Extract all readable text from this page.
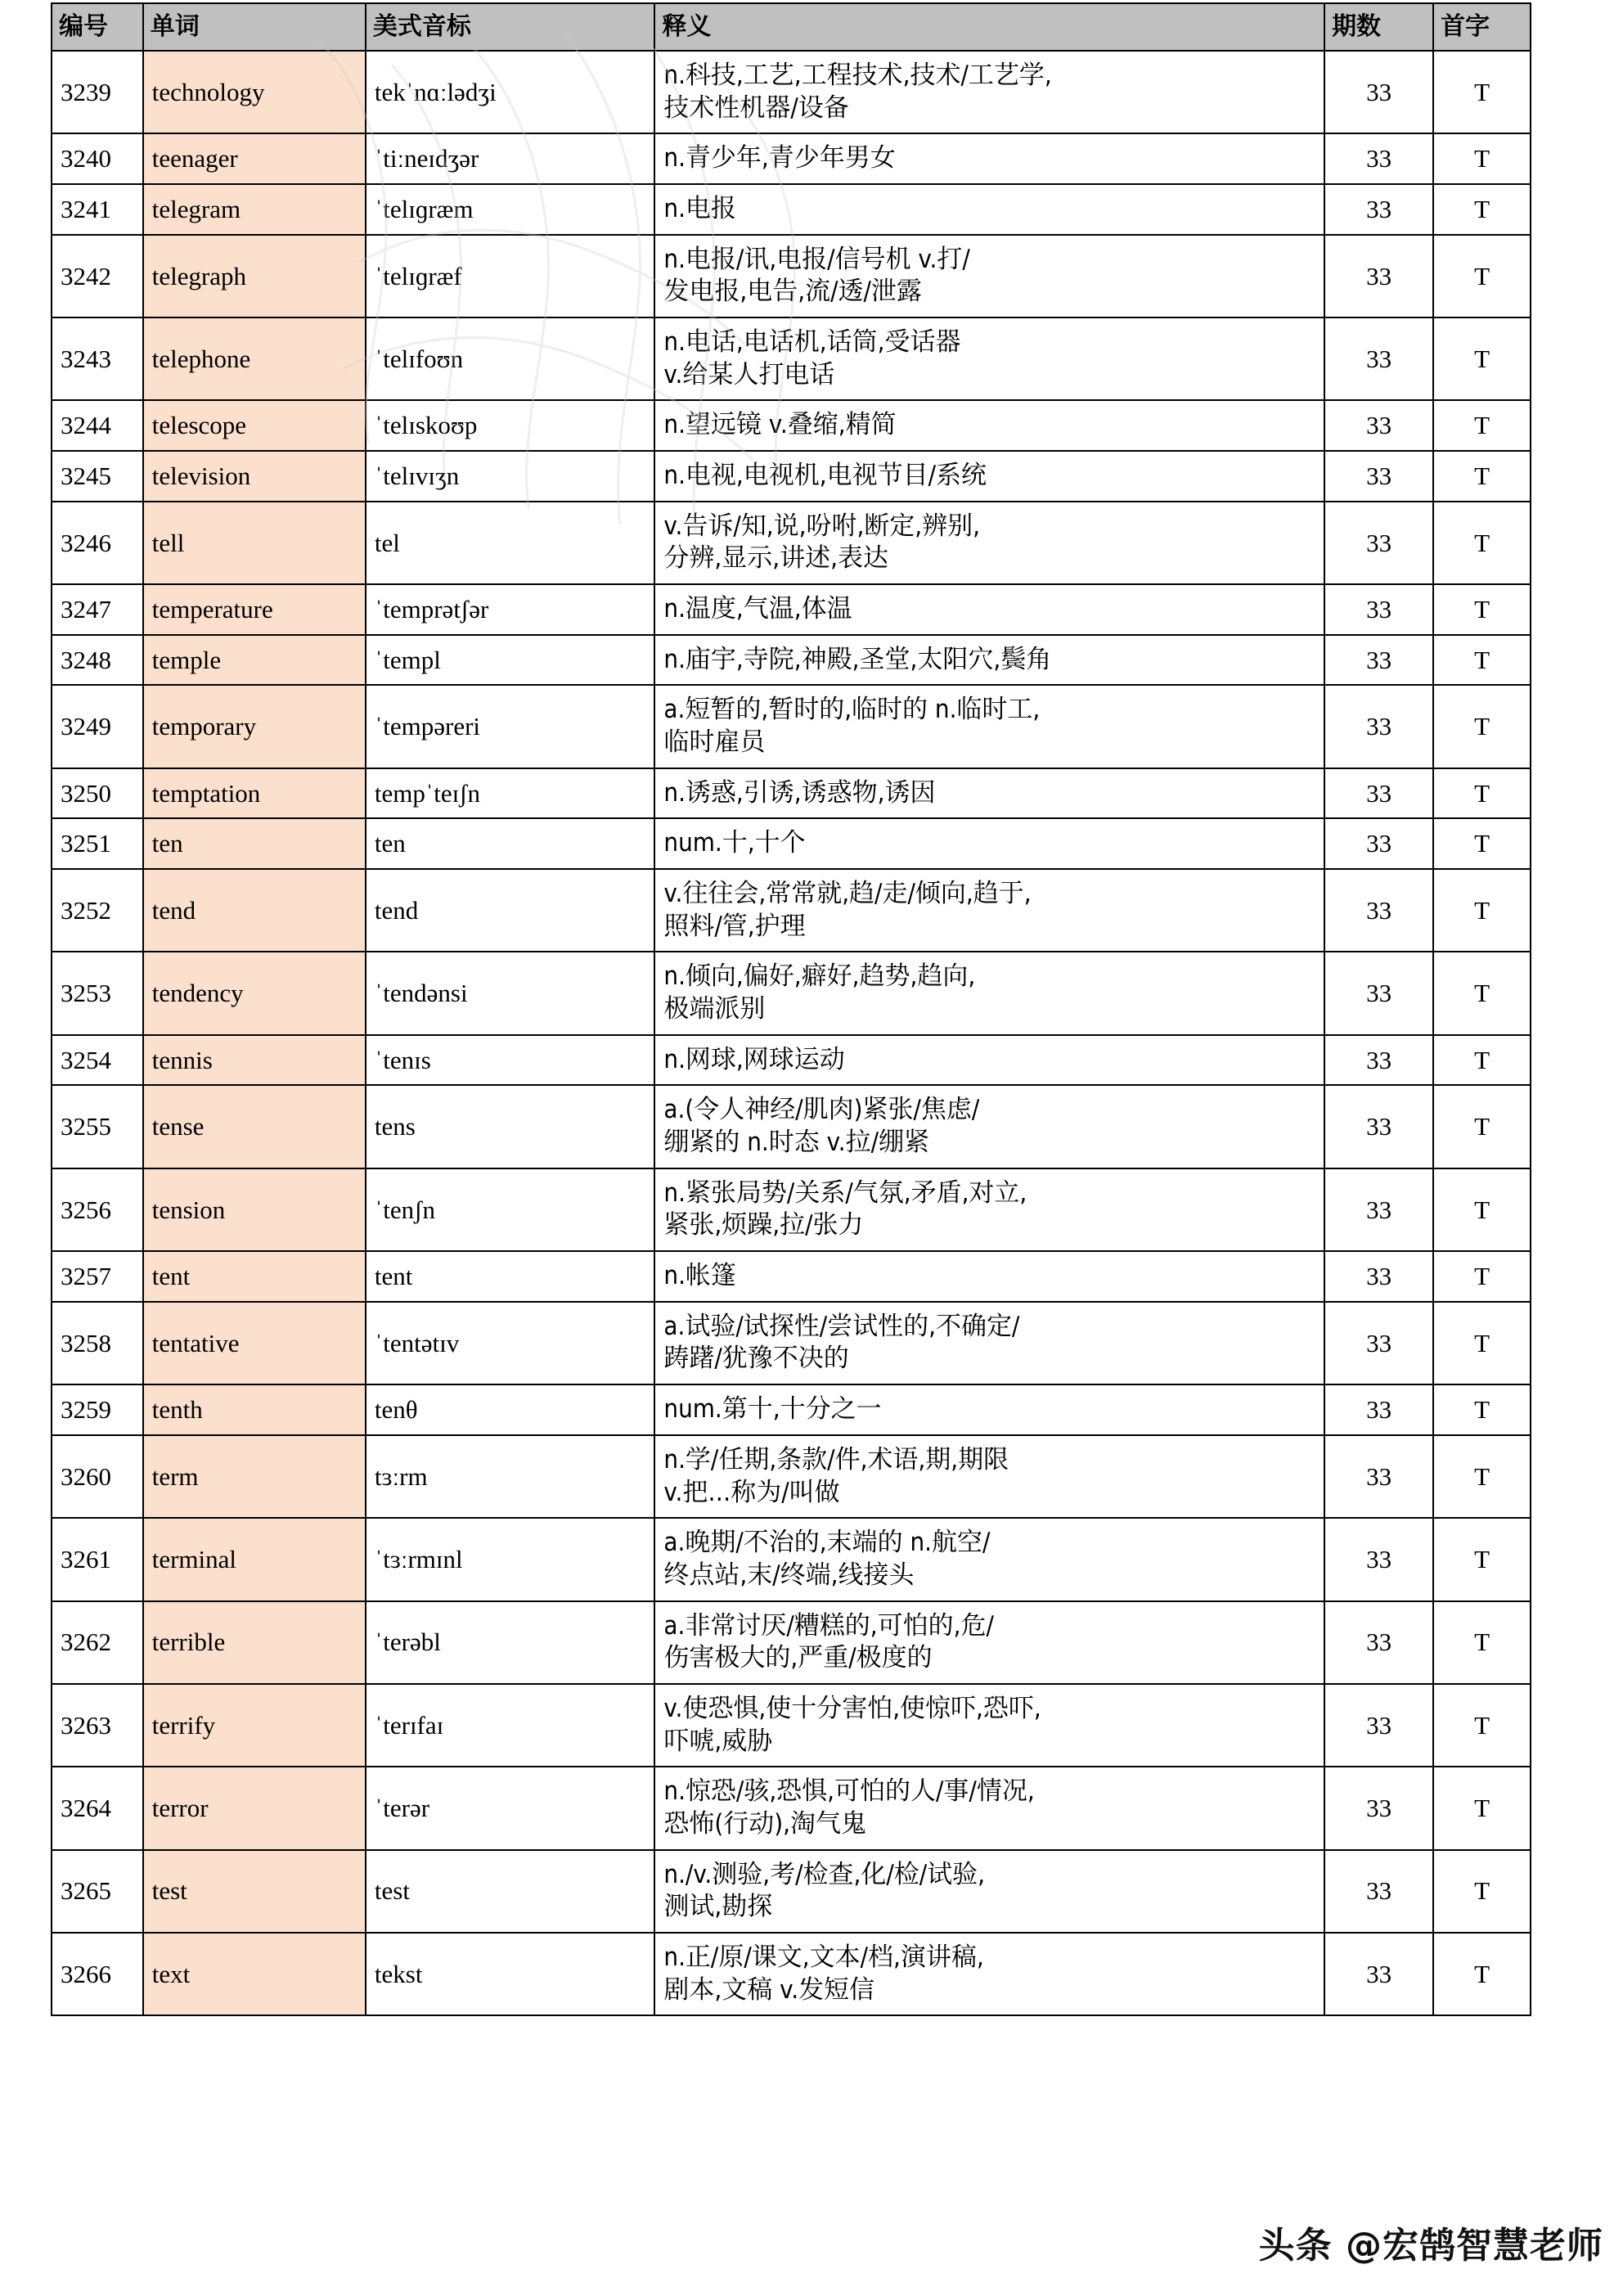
编号	单词	美式音标	释义	期数	首字
3239	technology	tekˈnɑːlədʒi	n.科技,工艺,工程技术,技术/工艺学,
技术性机器/设备	33	T
3240	teenager	ˈtiːneɪdʒər	n.青少年,青少年男女	33	T
3241	telegram	ˈtelɪɡræm	n.电报	33	T
3242	telegraph	ˈtelɪɡræf	n.电报/讯,电报/信号机 v.打/
发电报,电告,流/透/泄露	33	T
3243	telephone	ˈtelɪfoʊn	n.电话,电话机,话筒,受话器
v.给某人打电话	33	T
3244	telescope	ˈtelɪskoʊp	n.望远镜 v.叠缩,精简	33	T
3245	television	ˈtelɪvɪʒn	n.电视,电视机,电视节目/系统	33	T
3246	tell	tel	v.告诉/知,说,吩咐,断定,辨别,
分辨,显示,讲述,表达	33	T
3247	temperature	ˈtemprətʃər	n.温度,气温,体温	33	T
3248	temple	ˈtempl	n.庙宇,寺院,神殿,圣堂,太阳穴,鬓角	33	T
3249	temporary	ˈtempəreri	a.短暂的,暂时的,临时的 n.临时工,
临时雇员	33	T
3250	temptation	tempˈteɪʃn	n.诱惑,引诱,诱惑物,诱因	33	T
3251	ten	ten	num.十,十个	33	T
3252	tend	tend	v.往往会,常常就,趋/走/倾向,趋于,
照料/管,护理	33	T
3253	tendency	ˈtendənsi	n.倾向,偏好,癖好,趋势,趋向,
极端派别	33	T
3254	tennis	ˈtenɪs	n.网球,网球运动	33	T
3255	tense	tens	a.(令人神经/肌肉)紧张/焦虑/
绷紧的 n.时态 v.拉/绷紧	33	T
3256	tension	ˈtenʃn	n.紧张局势/关系/气氛,矛盾,对立,
紧张,烦躁,拉/张力	33	T
3257	tent	tent	n.帐篷	33	T
3258	tentative	ˈtentətɪv	a.试验/试探性/尝试性的,不确定/
踌躇/犹豫不决的	33	T
3259	tenth	tenθ	num.第十,十分之一	33	T
3260	term	tɜːrm	n.学/任期,条款/件,术语,期,期限
v.把…称为/叫做	33	T
3261	terminal	ˈtɜːrmɪnl	a.晚期/不治的,末端的 n.航空/
终点站,末/终端,线接头	33	T
3262	terrible	ˈterəbl	a.非常讨厌/糟糕的,可怕的,危/
伤害极大的,严重/极度的	33	T
3263	terrify	ˈterɪfaɪ	v.使恐惧,使十分害怕,使惊吓,恐吓,
吓唬,威胁	33	T
3264	terror	ˈterər	n.惊恐/骇,恐惧,可怕的人/事/情况,
恐怖(行动),淘气鬼	33	T
3265	test	test	n./v.测验,考/检查,化/检/试验,
测试,勘探	33	T
3266	text	tekst	n.正/原/课文,文本/档,演讲稿,
剧本,文稿 v.发短信	33	T
头条 @宏鹄智慧老师
